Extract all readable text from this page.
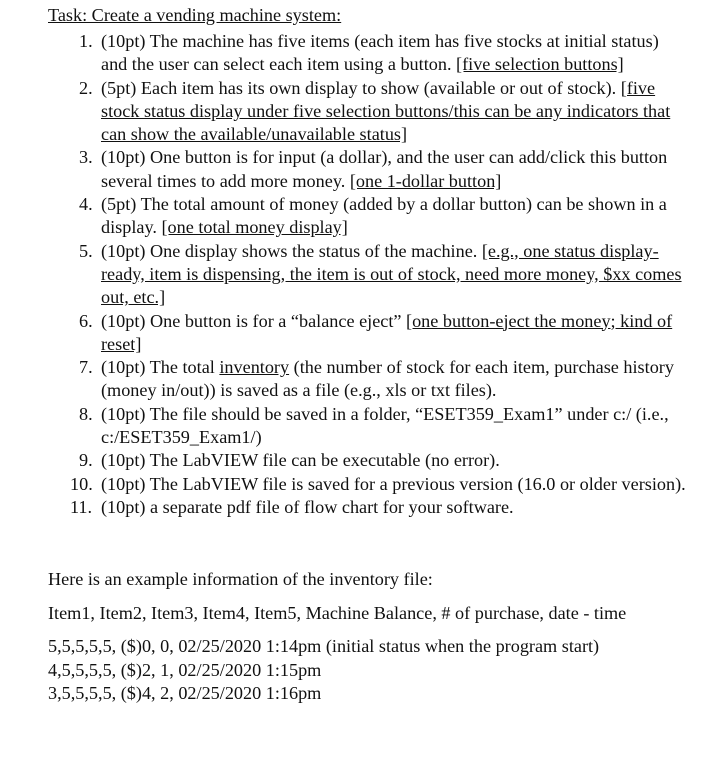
Task: Create a vending machine system:
1. (10pt) The machine has five items (each item has five stocks at initial status) and the user can select each item using a button. [five selection buttons]
2. (5pt) Each item has its own display to show (available or out of stock). [five stock status display under five selection buttons/this can be any indicators that can show the available/unavailable status]
3. (10pt) One button is for input (a dollar), and the user can add/click this button several times to add more money. [one 1-dollar button]
4. (5pt) The total amount of money (added by a dollar button) can be shown in a display. [one total money display]
5. (10pt) One display shows the status of the machine. [e.g., one status display-ready, item is dispensing, the item is out of stock, need more money, $xx comes out, etc.]
6. (10pt) One button is for a “balance eject” [one button-eject the money; kind of reset]
7. (10pt) The total inventory (the number of stock for each item, purchase history (money in/out)) is saved as a file (e.g., xls or txt files).
8. (10pt) The file should be saved in a folder, “ESET359_Exam1” under c:/ (i.e., c:/ESET359_Exam1/)
9. (10pt) The LabVIEW file can be executable (no error).
10. (10pt) The LabVIEW file is saved for a previous version (16.0 or older version).
11. (10pt) a separate pdf file of flow chart for your software.

Here is an example information of the inventory file:

Item1, Item2, Item3, Item4, Item5, Machine Balance, # of purchase, date - time

5,5,5,5,5, ($)0, 0, 02/25/2020 1:14pm (initial status when the program start)
4,5,5,5,5, ($)2, 1, 02/25/2020 1:15pm
3,5,5,5,5, ($)4, 2, 02/25/2020 1:16pm
